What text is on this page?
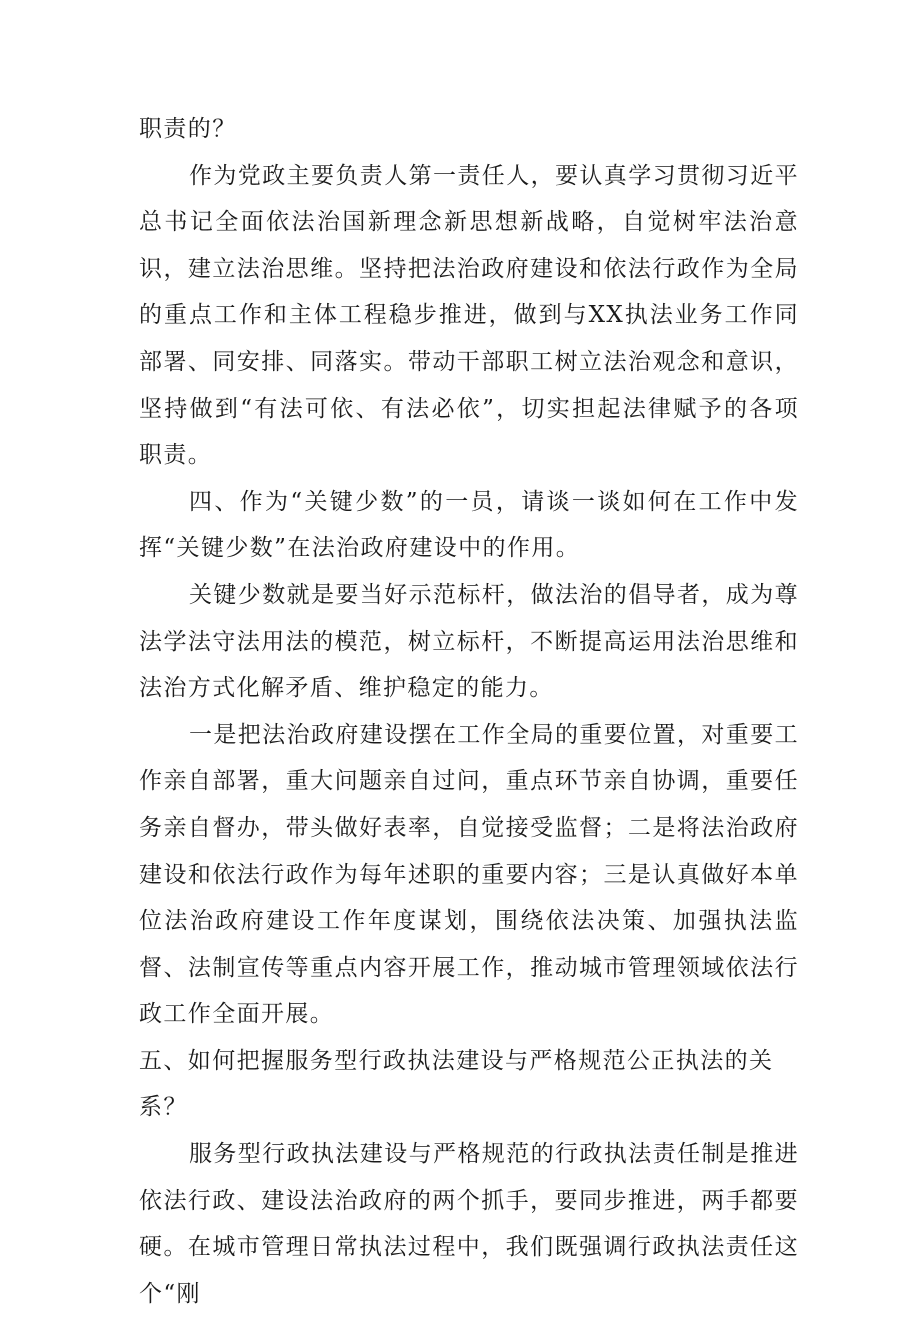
职责的？

作为党政主要负责人第一责任人，要认真学习贯彻习近平总书记全面依法治国新理念新思想新战略，自觉树牢法治意识，建立法治思维。坚持把法治政府建设和依法行政作为全局的重点工作和主体工程稳步推进，做到与XX执法业务工作同部署、同安排、同落实。带动干部职工树立法治观念和意识，坚持做到“有法可依、有法必依”，切实担起法律赋予的各项职责。

四、作为“关键少数”的一员，请谈一谈如何在工作中发挥“关键少数”在法治政府建设中的作用。

关键少数就是要当好示范标杆，做法治的倡导者，成为尊法学法守法用法的模范，树立标杆，不断提高运用法治思维和法治方式化解矛盾、维护稳定的能力。

一是把法治政府建设摆在工作全局的重要位置，对重要工作亲自部署，重大问题亲自过问，重点环节亲自协调，重要任务亲自督办，带头做好表率，自觉接受监督；二是将法治政府建设和依法行政作为每年述职的重要内容；三是认真做好本单位法治政府建设工作年度谋划，围绕依法决策、加强执法监督、法制宣传等重点内容开展工作，推动城市管理领域依法行政工作全面开展。

五、如何把握服务型行政执法建设与严格规范公正执法的关系？

服务型行政执法建设与严格规范的行政执法责任制是推进依法行政、建设法治政府的两个抓手，要同步推进，两手都要硬。在城市管理日常执法过程中，我们既强调行政执法责任这个“刚
